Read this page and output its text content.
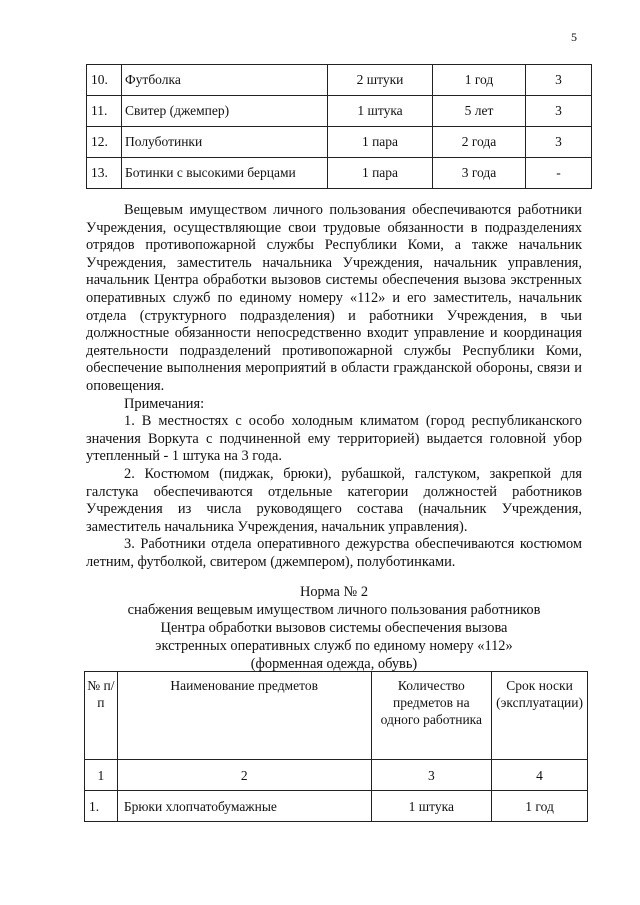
5
10.	Футболка	2 штуки	1 год	3
11.	Свитер (джемпер)	1 штука	5 лет	3
12.	Полуботинки	1 пара	2 года	3
13.	Ботинки с высокими берцами	1 пара	3 года	-

Вещевым имуществом личного пользования обеспечиваются работники Учреждения, осуществляющие свои трудовые обязанности в подразделениях отрядов противопожарной службы Республики Коми, а также начальник Учреждения, заместитель начальника Учреждения, начальник управления, начальник Центра обработки вызовов системы обеспечения вызова экстренных оперативных служб по единому номеру «112» и его заместитель, начальник отдела (структурного подразделения) и работники Учреждения, в чьи должностные обязанности непосредственно входит управление и координация деятельности подразделений противопожарной службы Республики Коми, обеспечение выполнения мероприятий в области гражданской обороны, связи и оповещения.

Примечания:

1. В местностях с особо холодным климатом (город республиканского значения Воркута с подчиненной ему территорией) выдается головной убор утепленный - 1 штука на 3 года.

2. Костюмом (пиджак, брюки), рубашкой, галстуком, закрепкой для галстука обеспечиваются отдельные категории должностей работников Учреждения из числа руководящего состава (начальник Учреждения, заместитель начальника Учреждения, начальник управления).

3. Работники отдела оперативного дежурства обеспечиваются костюмом летним, футболкой, свитером (джемпером), полуботинками.

Норма № 2
снабжения вещевым имуществом личного пользования работников
Центра обработки вызовов системы обеспечения вызова
экстренных оперативных служб по единому номеру «112»
(форменная одежда, обувь)
№ п/п	Наименование предметов	Количество предметов на одного работника	Срок носки (эксплуатации)
1	2	3	4
1.	Брюки хлопчатобумажные	1 штука	1 год
